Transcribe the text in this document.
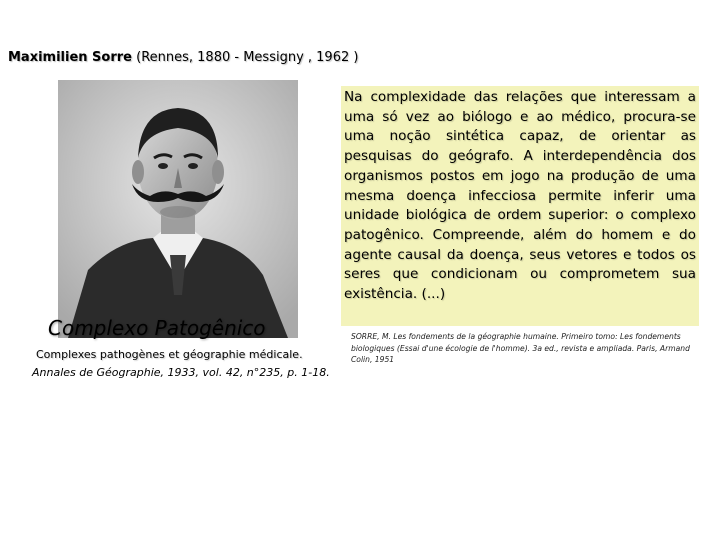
Maximilien Sorre (Rennes, 1880 - Messigny , 1962 )
Na complexidade das relações que interessam a uma só vez ao biólogo e ao médico, procura-se uma noção sintética capaz, de orientar as pesquisas do geógrafo. A interdependência dos organismos postos em jogo na produção de uma mesma doença infecciosa permite inferir uma unidade biológica de ordem superior: o complexo patogênico. Compreende, além do homem e do agente causal da doença, seus vetores e todos os seres que condicionam ou comprometem sua existência. (...)
Complexo Patogênico
Complexes pathogènes et géographie médicale.
Annales de Géographie, 1933, vol. 42, n°235, p. 1-18.
SORRE, M. Les fondements de la géographie humaine. Primeiro tomo: Les fondements biologiques (Essai d'une écologie de l'homme). 3a ed., revista e ampliada. Paris, Armand Colin, 1951
